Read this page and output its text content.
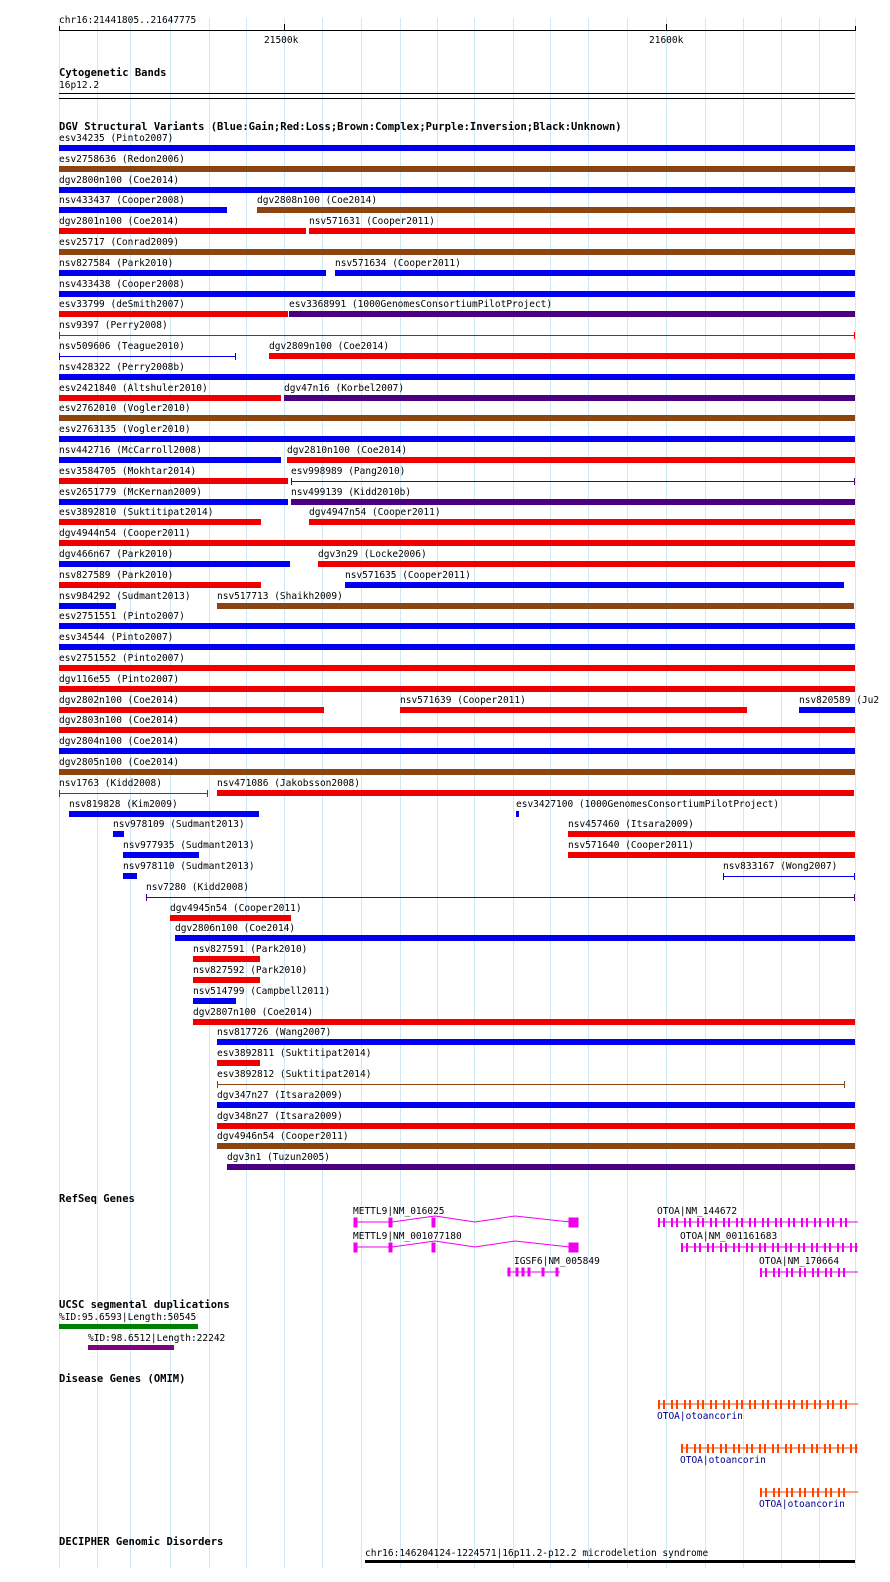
chr16:21441805..21647775
21500k	21600k
Cytogenetic Bands
16p12.2
DGV Structural Variants (Blue:Gain;Red:Loss;Brown:Complex;Purple:Inversion;Black:Unknown)
esv34235 (Pinto2007)
esv2758636 (Redon2006)
dgv2800n100 (Coe2014)
nsv433437 (Cooper2008)	dgv2808n100 (Coe2014)
dgv2801n100 (Coe2014)	nsv571631 (Cooper2011)
esv25717 (Conrad2009)
nsv827584 (Park2010)	nsv571634 (Cooper2011)
nsv433438 (Cooper2008)
esv33799 (deSmith2007)	esv3368991 (1000GenomesConsortiumPilotProject)
nsv9397 (Perry2008)
nsv509606 (Teague2010)	dgv2809n100 (Coe2014)
nsv428322 (Perry2008b)
esv2421840 (Altshuler2010)	dgv47n16 (Korbel2007)
esv2762010 (Vogler2010)
esv2763135 (Vogler2010)
nsv442716 (McCarroll2008)	dgv2810n100 (Coe2014)
esv3584705 (Mokhtar2014)	esv998989 (Pang2010)
esv2651779 (McKernan2009)	nsv499139 (Kidd2010b)
esv3892810 (Suktitipat2014)	dgv4947n54 (Cooper2011)
dgv4944n54 (Cooper2011)
dgv466n67 (Park2010)	dgv3n29 (Locke2006)
nsv827589 (Park2010)	nsv571635 (Cooper2011)
nsv984292 (Sudmant2013)	nsv517713 (Shaikh2009)
esv2751551 (Pinto2007)
esv34544 (Pinto2007)
esv2751552 (Pinto2007)
dgv116e55 (Pinto2007)
dgv2802n100 (Coe2014)	nsv571639 (Cooper2011)	nsv820589 (Ju2
dgv2803n100 (Coe2014)
dgv2804n100 (Coe2014)
dgv2805n100 (Coe2014)
nsv1763 (Kidd2008)	nsv471086 (Jakobsson2008)
nsv819828 (Kim2009)	esv3427100 (1000GenomesConsortiumPilotProject)
nsv978109 (Sudmant2013)	nsv457460 (Itsara2009)
nsv977935 (Sudmant2013)	nsv571640 (Cooper2011)
nsv978110 (Sudmant2013)	nsv833167 (Wong2007)
nsv7280 (Kidd2008)
dgv4945n54 (Cooper2011)
dgv2806n100 (Coe2014)
nsv827591 (Park2010)
nsv827592 (Park2010)
nsv514799 (Campbell2011)
dgv2807n100 (Coe2014)
nsv817726 (Wang2007)
esv3892811 (Suktitipat2014)
esv3892812 (Suktitipat2014)
dgv347n27 (Itsara2009)
dgv348n27 (Itsara2009)
dgv4946n54 (Cooper2011)
dgv3n1 (Tuzun2005)
RefSeq Genes
METTL9|NM_016025
METTL9|NM_001077180
IGSF6|NM_005849
OTOA|NM_144672
OTOA|NM_001161683
OTOA|NM_170664
UCSC segmental duplications
%ID:95.6593|Length:50545
%ID:98.6512|Length:22242
Disease Genes (OMIM)
OTOA|otoancorin
OTOA|otoancorin
OTOA|otoancorin
DECIPHER Genomic Disorders
chr16:146204124-1224571|16p11.2-p12.2 microdeletion syndrome
